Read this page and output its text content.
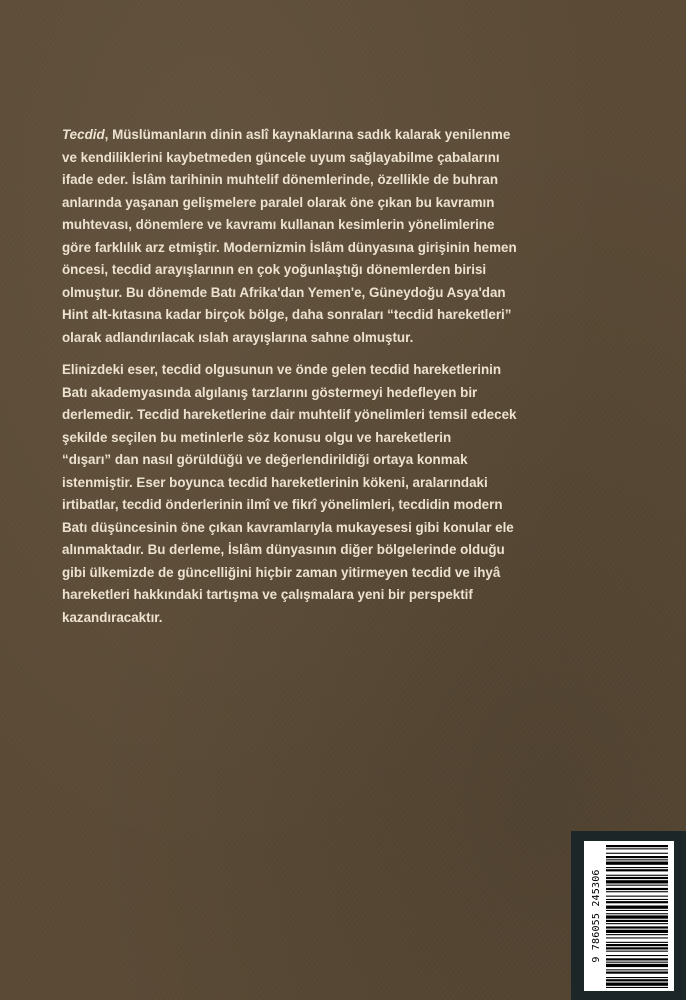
Tecdid, Müslümanların dinin aslî kaynaklarına sadık kalarak yenilenme
ve kendiliklerini kaybetmeden güncele uyum sağlayabilme çabalarını
ifade eder. İslâm tarihinin muhtelif dönemlerinde, özellikle de buhran
anlarında yaşanan gelişmelere paralel olarak öne çıkan bu kavramın
muhtevası, dönemlere ve kavramı kullanan kesimlerin yönelimlerine
göre farklılık arz etmiştir. Modernizmin İslâm dünyasına girişinin hemen
öncesi, tecdid arayışlarının en çok yoğunlaştığı dönemlerden birisi
olmuştur. Bu dönemde Batı Afrika'dan Yemen'e, Güneydoğu Asya'dan
Hint alt-kıtasına kadar birçok bölge, daha sonraları “tecdid hareketleri”
olarak adlandırılacak ıslah arayışlarına sahne olmuştur.

Elinizdeki eser, tecdid olgusunun ve önde gelen tecdid hareketlerinin
Batı akademyasında algılanış tarzlarını göstermeyi hedefleyen bir
derlemedir. Tecdid hareketlerine dair muhtelif yönelimleri temsil edecek
şekilde seçilen bu metinlerle söz konusu olgu ve hareketlerin
“dışarı” dan nasıl görüldüğü ve değerlendirildiği ortaya konmak
istenmiştir. Eser boyunca tecdid hareketlerinin kökeni, aralarındaki
irtibatlar, tecdid önderlerinin ilmî ve fikrî yönelimleri, tecdidin modern
Batı düşüncesinin öne çıkan kavramlarıyla mukayesesi gibi konular ele
alınmaktadır. Bu derleme, İslâm dünyasının diğer bölgelerinde olduğu
gibi ülkemizde de güncelliğini hiçbir zaman yitirmeyen tecdid ve ihyâ
hareketleri hakkındaki tartışma ve çalışmalara yeni bir perspektif
kazandıracaktır.

9 786055 245306
